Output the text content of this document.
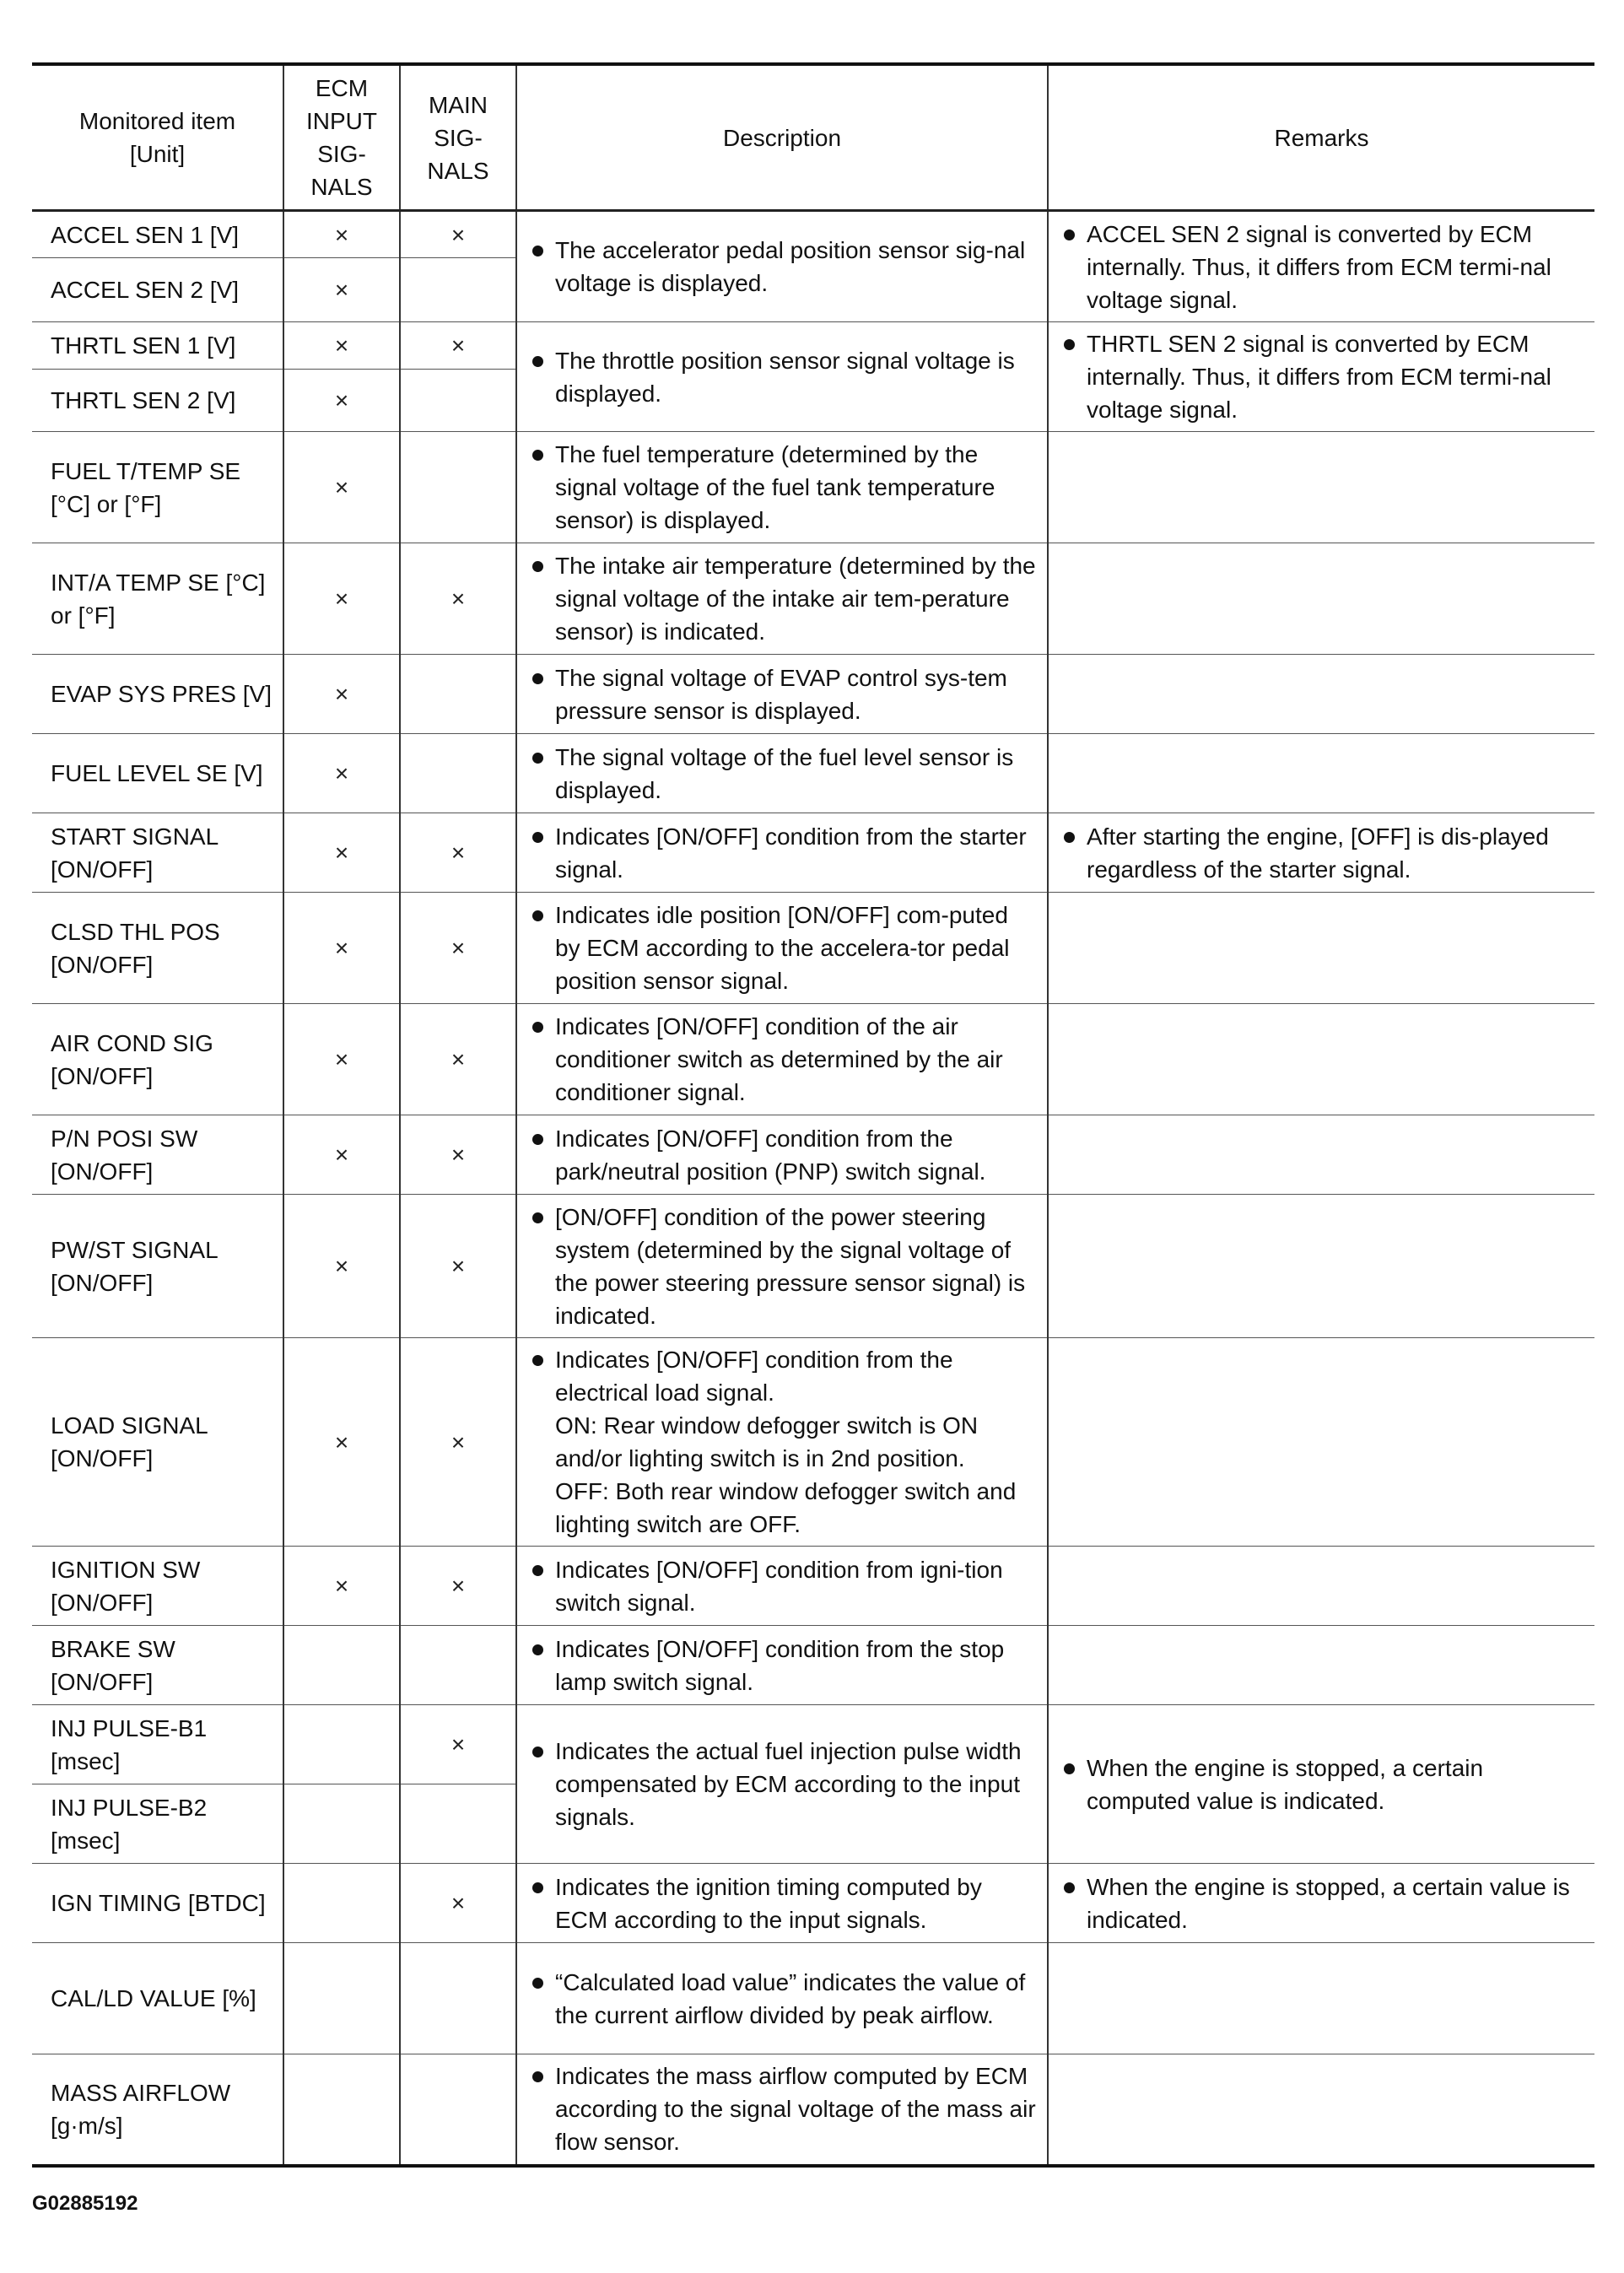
Monitored item [Unit]	ECM INPUT SIG-NALS	MAIN SIG-NALS	Description	Remarks
ACCEL SEN 1 [V]	×	×	The accelerator pedal position sensor sig-nal voltage is displayed.	ACCEL SEN 2 signal is converted by ECM internally. Thus, it differs from ECM termi-nal voltage signal.

ACCEL SEN 2 [V]	×			
THRTL SEN 1 [V]	×	×	The throttle position sensor signal voltage is displayed.	THRTL SEN 2 signal is converted by ECM internally. Thus, it differs from ECM termi-nal voltage signal.

THRTL SEN 2 [V]	×			
FUEL T/TEMP SE [°C] or [°F]	×		The fuel temperature (determined by the signal voltage of the fuel tank temperature sensor) is displayed.	

INT/A TEMP SE [°C] or [°F]	×	×	The intake air temperature (determined by the signal voltage of the intake air tem-perature sensor) is indicated.	

EVAP SYS PRES [V]	×		The signal voltage of EVAP control sys-tem pressure sensor is displayed.	

FUEL LEVEL SE [V]	×		The signal voltage of the fuel level sensor is displayed.	

START SIGNAL [ON/OFF]	×	×	Indicates [ON/OFF] condition from the starter signal.	After starting the engine, [OFF] is dis-played regardless of the starter signal.

CLSD THL POS [ON/OFF]	×	×	Indicates idle position [ON/OFF] com-puted by ECM according to the accelera-tor pedal position sensor signal.	

AIR COND SIG [ON/OFF]	×	×	Indicates [ON/OFF] condition of the air conditioner switch as determined by the air conditioner signal.	

P/N POSI SW [ON/OFF]	×	×	Indicates [ON/OFF] condition from the park/neutral position (PNP) switch signal.	

PW/ST SIGNAL [ON/OFF]	×	×	[ON/OFF] condition of the power steering system (determined by the signal voltage of the power steering pressure sensor signal) is indicated.	

LOAD SIGNAL [ON/OFF]	×	×	Indicates [ON/OFF] condition from the electrical load signal.
ON: Rear window defogger switch is ON and/or lighting switch is in 2nd position.
OFF: Both rear window defogger switch and lighting switch are OFF.	

IGNITION SW [ON/OFF]	×	×	Indicates [ON/OFF] condition from igni-tion switch signal.	

BRAKE SW [ON/OFF]			Indicates [ON/OFF] condition from the stop lamp switch signal.	

INJ PULSE-B1 [msec]		×	Indicates the actual fuel injection pulse width compensated by ECM according to the input signals.	When the engine is stopped, a certain computed value is indicated.

INJ PULSE-B2 [msec]				
IGN TIMING [BTDC]		×	Indicates the ignition timing computed by ECM according to the input signals.	When the engine is stopped, a certain value is indicated.

CAL/LD VALUE [%]			“Calculated load value” indicates the value of the current airflow divided by peak airflow.	

MASS AIRFLOW [g·m/s]			Indicates the mass airflow computed by ECM according to the signal voltage of the mass air flow sensor.	

G02885192
